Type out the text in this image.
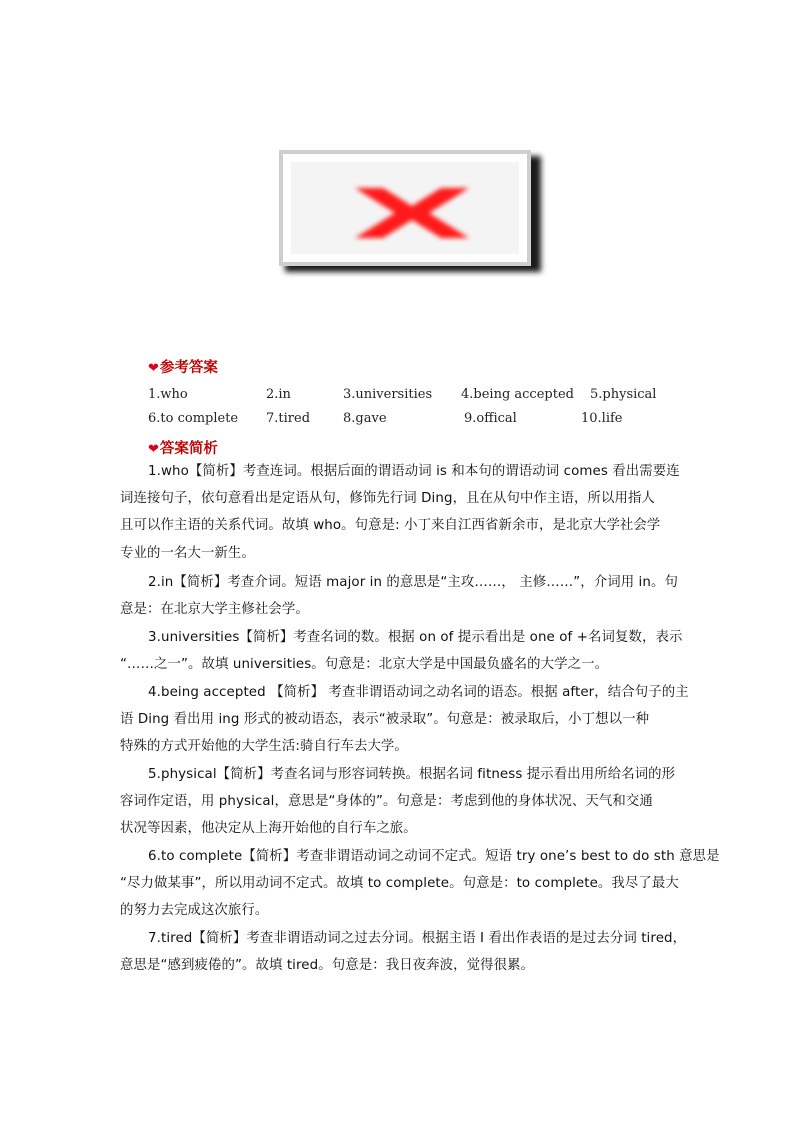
❤参考答案
1.who	2.in	3.universities 4.being accepted 5.physical
6.to complete 7.tired	8.gave	9.offical	10.life
❤答案简析
1.who【简析】考查连词。根据后面的谓语动词 is 和本句的谓语动词 comes 看出需要连
词连接句子，依句意看出是定语从句，修饰先行词 Ding，且在从句中作主语，所以用指人
且可以作主语的关系代词。故填 who。句意是: 小丁来自江西省新余市，是北京大学社会学
专业的一名大一新生。
2.in【简析】考查介词。短语 major in 的意思是“主攻……， 主修……”，介词用 in。句
意是：在北京大学主修社会学。
3.universities【简析】考查名词的数。根据 on of 提示看出是 one of +名词复数，表示
“……之一”。故填 universities。句意是：北京大学是中国最负盛名的大学之一。
4.being accepted 【简析】 考查非谓语动词之动名词的语态。根据 after，结合句子的主
语 Ding 看出用 ing 形式的被动语态，表示“被录取”。句意是：被录取后，小丁想以一种
特殊的方式开始他的大学生活:骑自行车去大学。
5.physical【简析】考查名词与形容词转换。根据名词 fitness 提示看出用所给名词的形
容词作定语，用 physical，意思是“身体的”。句意是：考虑到他的身体状况、天气和交通
状况等因素，他决定从上海开始他的自行车之旅。
6.to complete【简析】考查非谓语动词之动词不定式。短语 try one’s best to do sth 意思是
“尽力做某事”，所以用动词不定式。故填 to complete。句意是：to complete。我尽了最大
的努力去完成这次旅行。
7.tired【简析】考查非谓语动词之过去分词。根据主语 I 看出作表语的是过去分词 tired，
意思是“感到疲倦的”。故填 tired。句意是：我日夜奔波，觉得很累。
